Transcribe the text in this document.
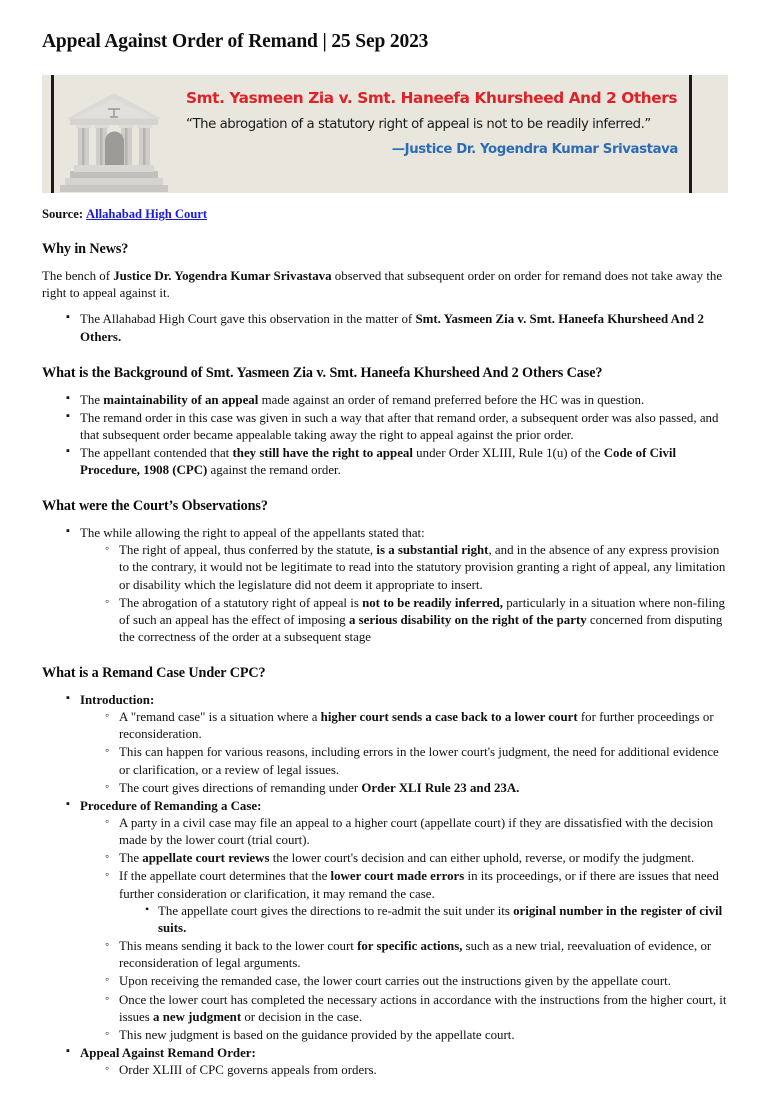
Appeal Against Order of Remand | 25 Sep 2023
Smt. Yasmeen Zia v. Smt. Haneefa Khursheed And 2 Others
“The abrogation of a statutory right of appeal is not to be readily inferred.”
—Justice Dr. Yogendra Kumar Srivastava
Source: Allahabad High Court
Why in News?

The bench of Justice Dr. Yogendra Kumar Srivastava observed that subsequent order on order for remand does not take away the right to appeal against it.

▪ The Allahabad High Court gave this observation in the matter of Smt. Yasmeen Zia v. Smt. Haneefa Khursheed And 2 Others.
What is the Background of Smt. Yasmeen Zia v. Smt. Haneefa Khursheed And 2 Others Case?
▪ The maintainability of an appeal made against an order of remand preferred before the HC was in question.
▪ The remand order in this case was given in such a way that after that remand order, a subsequent order was also passed, and that subsequent order became appealable taking away the right to appeal against the prior order.
▪ The appellant contended that they still have the right to appeal under Order XLIII, Rule 1(u) of the Code of Civil Procedure, 1908 (CPC) against the remand order.
What were the Court’s Observations?
▪ The while allowing the right to appeal of the appellants stated that:
◦ The right of appeal, thus conferred by the statute, is a substantial right, and in the absence of any express provision to the contrary, it would not be legitimate to read into the statutory provision granting a right of appeal, any limitation or disability which the legislature did not deem it appropriate to insert.
◦ The abrogation of a statutory right of appeal is not to be readily inferred, particularly in a situation where non-filing of such an appeal has the effect of imposing a serious disability on the right of the party concerned from disputing the correctness of the order at a subsequent stage
What is a Remand Case Under CPC?
▪ Introduction:
◦ A "remand case" is a situation where a higher court sends a case back to a lower court for further proceedings or reconsideration.
◦ This can happen for various reasons, including errors in the lower court's judgment, the need for additional evidence or clarification, or a review of legal issues.
◦ The court gives directions of remanding under Order XLI Rule 23 and 23A.
▪ Procedure of Remanding a Case:
◦ A party in a civil case may file an appeal to a higher court (appellate court) if they are dissatisfied with the decision made by the lower court (trial court).
◦ The appellate court reviews the lower court's decision and can either uphold, reverse, or modify the judgment.
◦ If the appellate court determines that the lower court made errors in its proceedings, or if there are issues that need further consideration or clarification, it may remand the case.
• The appellate court gives the directions to re-admit the suit under its original number in the register of civil suits.
◦ This means sending it back to the lower court for specific actions, such as a new trial, reevaluation of evidence, or reconsideration of legal arguments.
◦ Upon receiving the remanded case, the lower court carries out the instructions given by the appellate court.
◦ Once the lower court has completed the necessary actions in accordance with the instructions from the higher court, it issues a new judgment or decision in the case.
◦ This new judgment is based on the guidance provided by the appellate court.
▪ Appeal Against Remand Order:
◦ Order XLIII of CPC governs appeals from orders.
